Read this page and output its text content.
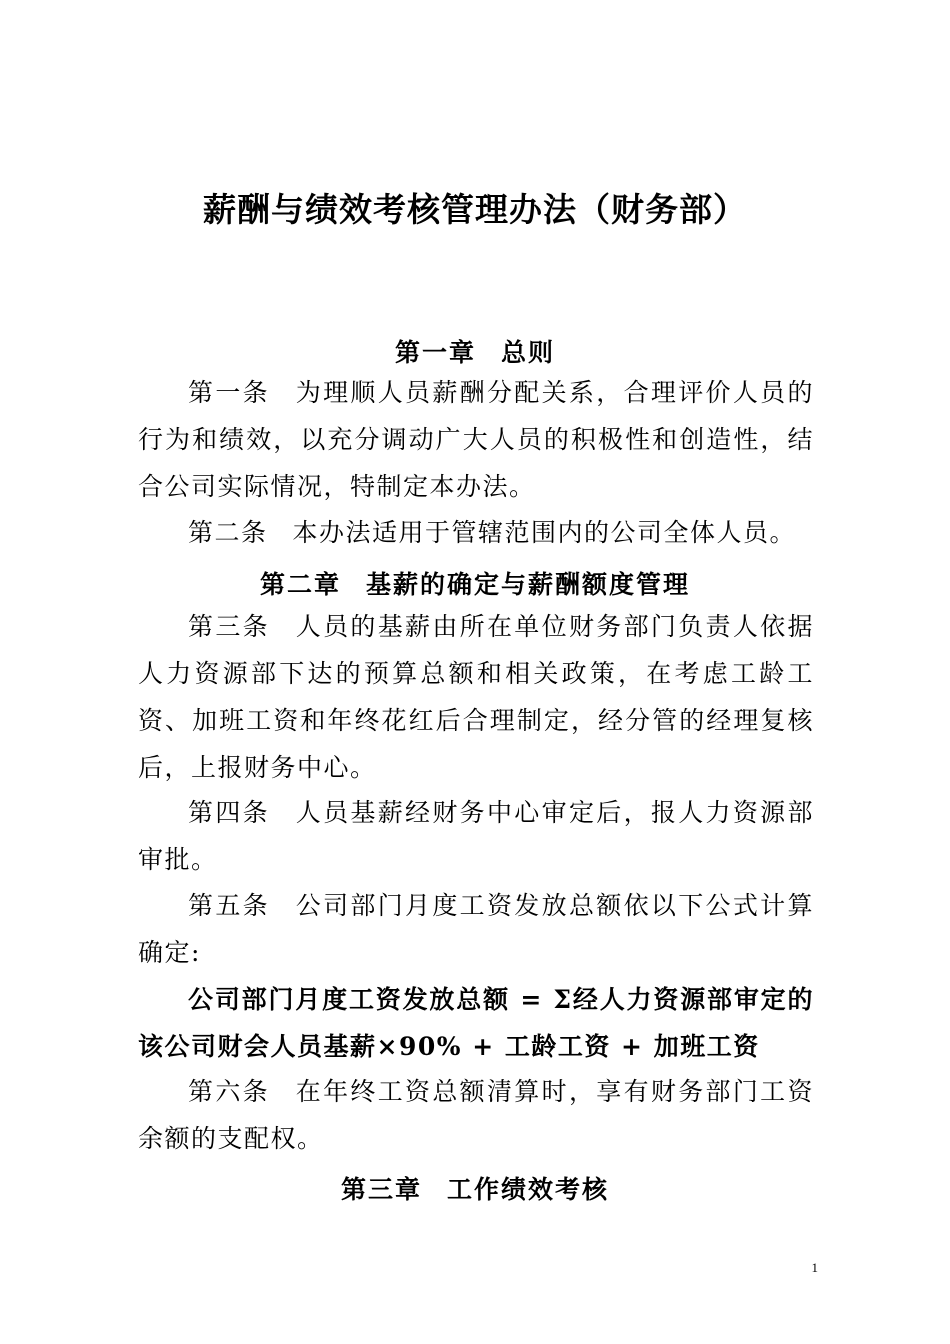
薪酬与绩效考核管理办法（财务部）
第一章 总则
第一条 为理顺人员薪酬分配关系，合理评价人员的行为和绩效，以充分调动广大人员的积极性和创造性，结合公司实际情况，特制定本办法。
第二条 本办法适用于管辖范围内的公司全体人员。
第二章 基薪的确定与薪酬额度管理
第三条 人员的基薪由所在单位财务部门负责人依据人力资源部下达的预算总额和相关政策，在考虑工龄工资、加班工资和年终花红后合理制定，经分管的经理复核后，上报财务中心。
第四条 人员基薪经财务中心审定后，报人力资源部审批。
第五条 公司部门月度工资发放总额依以下公式计算确定:
公司部门月度工资发放总额 = Σ经人力资源部审定的该公司财会人员基薪×90% + 工龄工资 + 加班工资
第六条 在年终工资总额清算时，享有财务部门工资余额的支配权。
第三章 工作绩效考核
1
